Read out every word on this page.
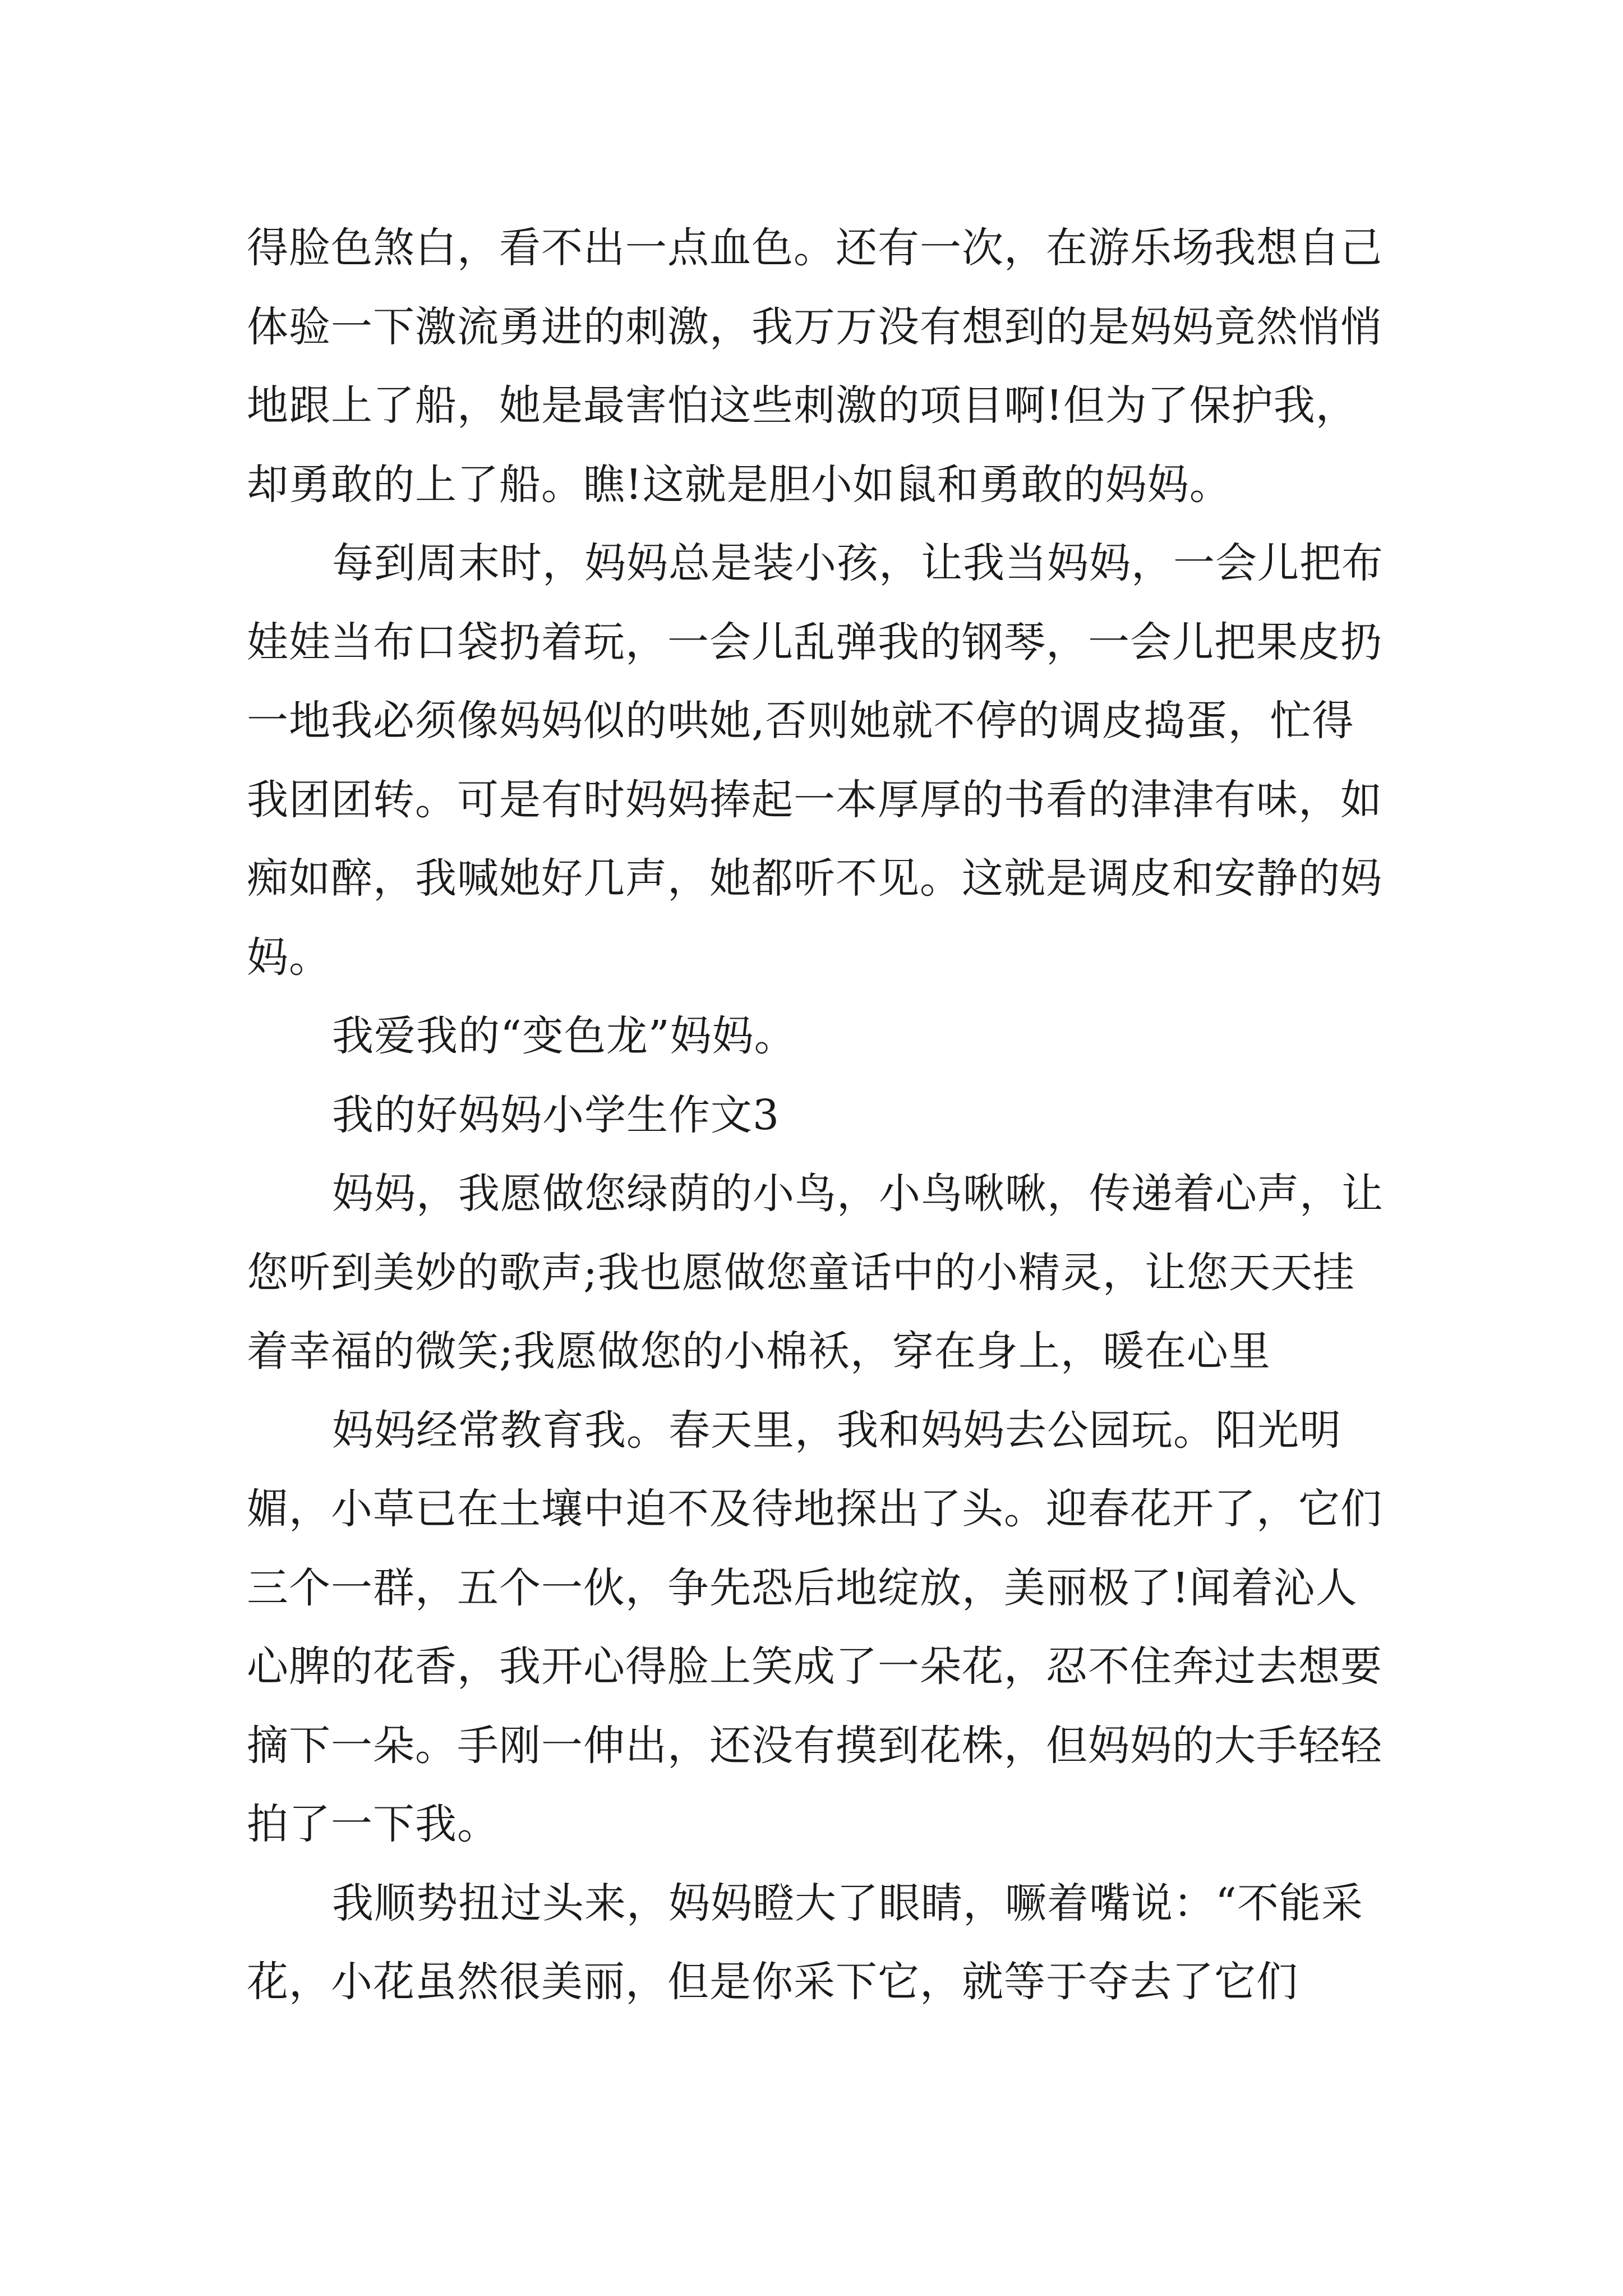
得脸色煞白，看不出一点血色。还有一次，在游乐场我想自己体验一下激流勇进的刺激，我万万没有想到的是妈妈竟然悄悄地跟上了船，她是最害怕这些刺激的项目啊!但为了保护我，却勇敢的上了船。瞧!这就是胆小如鼠和勇敢的妈妈。

每到周末时，妈妈总是装小孩，让我当妈妈，一会儿把布娃娃当布口袋扔着玩，一会儿乱弹我的钢琴，一会儿把果皮扔一地我必须像妈妈似的哄她,否则她就不停的调皮捣蛋，忙得我团团转。可是有时妈妈捧起一本厚厚的书看的津津有味，如痴如醉，我喊她好几声，她都听不见。这就是调皮和安静的妈妈。

我爱我的“变色龙”妈妈。

我的好妈妈小学生作文3

妈妈，我愿做您绿荫的小鸟，小鸟啾啾，传递着心声，让您听到美妙的歌声;我也愿做您童话中的小精灵，让您天天挂着幸福的微笑;我愿做您的小棉袄，穿在身上，暖在心里

妈妈经常教育我。春天里，我和妈妈去公园玩。阳光明媚，小草已在土壤中迫不及待地探出了头。迎春花开了，它们三个一群，五个一伙，争先恐后地绽放，美丽极了!闻着沁人心脾的花香，我开心得脸上笑成了一朵花，忍不住奔过去想要摘下一朵。手刚一伸出，还没有摸到花株，但妈妈的大手轻轻拍了一下我。

我顺势扭过头来，妈妈瞪大了眼睛，噘着嘴说：“不能采花，小花虽然很美丽，但是你采下它，就等于夺去了它们
